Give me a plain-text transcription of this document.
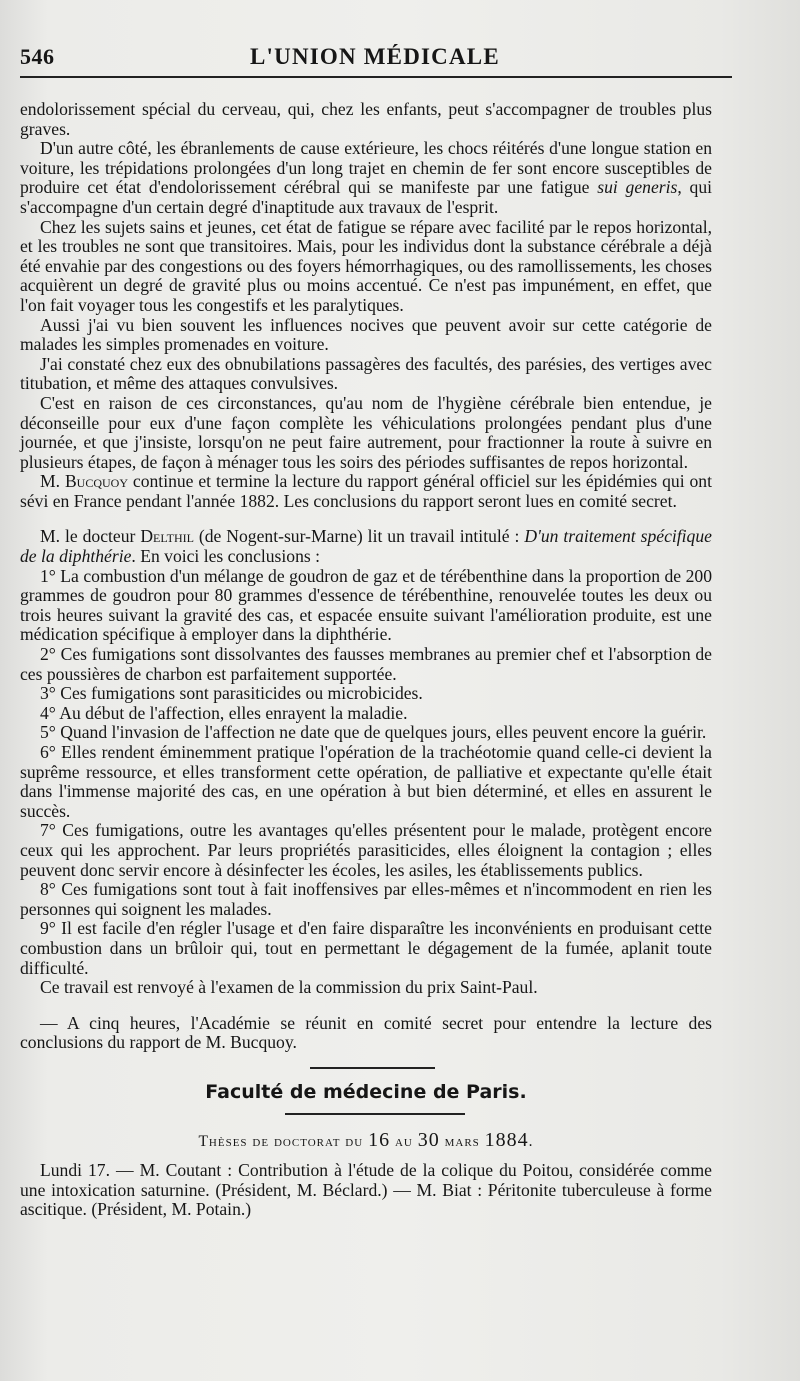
546	L'UNION MÉDICALE

endolorissement spécial du cerveau, qui, chez les enfants, peut s'accompagner de troubles plus graves.

D'un autre côté, les ébranlements de cause extérieure, les chocs réitérés d'une longue station en voiture, les trépidations prolongées d'un long trajet en chemin de fer sont encore susceptibles de produire cet état d'endolorissement cérébral qui se manifeste par une fatigue sui generis, qui s'accompagne d'un certain degré d'inaptitude aux travaux de l'esprit.

Chez les sujets sains et jeunes, cet état de fatigue se répare avec facilité par le repos horizontal, et les troubles ne sont que transitoires. Mais, pour les individus dont la substance cérébrale a déjà été envahie par des congestions ou des foyers hémorrhagiques, ou des ramollissements, les choses acquièrent un degré de gravité plus ou moins accentué. Ce n'est pas impunément, en effet, que l'on fait voyager tous les congestifs et les paralytiques.

Aussi j'ai vu bien souvent les influences nocives que peuvent avoir sur cette catégorie de malades les simples promenades en voiture.

J'ai constaté chez eux des obnubilations passagères des facultés, des parésies, des vertiges avec titubation, et même des attaques convulsives.

C'est en raison de ces circonstances, qu'au nom de l'hygiène cérébrale bien entendue, je déconseille pour eux d'une façon complète les véhiculations prolongées pendant plus d'une journée, et que j'insiste, lorsqu'on ne peut faire autrement, pour fractionner la route à suivre en plusieurs étapes, de façon à ménager tous les soirs des périodes suffisantes de repos horizontal.

M. Bucquoy continue et termine la lecture du rapport général officiel sur les épidémies qui ont sévi en France pendant l'année 1882. Les conclusions du rapport seront lues en comité secret.

M. le docteur Delthil (de Nogent-sur-Marne) lit un travail intitulé : D'un traitement spécifique de la diphthérie. En voici les conclusions :

1° La combustion d'un mélange de goudron de gaz et de térébenthine dans la proportion de 200 grammes de goudron pour 80 grammes d'essence de térébenthine, renouvelée toutes les deux ou trois heures suivant la gravité des cas, et espacée ensuite suivant l'amélioration produite, est une médication spécifique à employer dans la diphthérie.

2° Ces fumigations sont dissolvantes des fausses membranes au premier chef et l'absorption de ces poussières de charbon est parfaitement supportée.

3° Ces fumigations sont parasiticides ou microbicides.

4° Au début de l'affection, elles enrayent la maladie.

5° Quand l'invasion de l'affection ne date que de quelques jours, elles peuvent encore la guérir.

6° Elles rendent éminemment pratique l'opération de la trachéotomie quand celle-ci devient la suprême ressource, et elles transforment cette opération, de palliative et expectante qu'elle était dans l'immense majorité des cas, en une opération à but bien déterminé, et elles en assurent le succès.

7° Ces fumigations, outre les avantages qu'elles présentent pour le malade, protègent encore ceux qui les approchent. Par leurs propriétés parasiticides, elles éloignent la contagion ; elles peuvent donc servir encore à désinfecter les écoles, les asiles, les établissements publics.

8° Ces fumigations sont tout à fait inoffensives par elles-mêmes et n'incommodent en rien les personnes qui soignent les malades.

9° Il est facile d'en régler l'usage et d'en faire disparaître les inconvénients en produisant cette combustion dans un brûloir qui, tout en permettant le dégagement de la fumée, aplanit toute difficulté.

Ce travail est renvoyé à l'examen de la commission du prix Saint-Paul.

— A cinq heures, l'Académie se réunit en comité secret pour entendre la lecture des conclusions du rapport de M. Bucquoy.

Faculté de médecine de Paris.
Thèses de doctorat du 16 au 30 mars 1884.

Lundi 17. — M. Coutant : Contribution à l'étude de la colique du Poitou, considérée comme une intoxication saturnine. (Président, M. Béclard.) — M. Biat : Péritonite tuberculeuse à forme ascitique. (Président, M. Potain.)
